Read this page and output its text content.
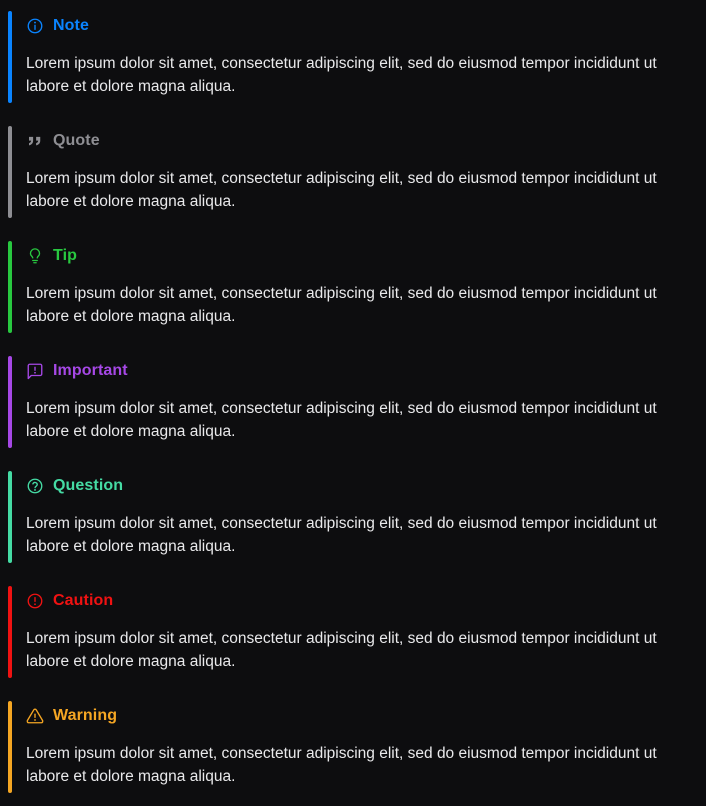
Note

Lorem ipsum dolor sit amet, consectetur adipiscing elit, sed do eiusmod tempor incididunt ut labore et dolore magna aliqua.

Quote

Lorem ipsum dolor sit amet, consectetur adipiscing elit, sed do eiusmod tempor incididunt ut labore et dolore magna aliqua.

Tip

Lorem ipsum dolor sit amet, consectetur adipiscing elit, sed do eiusmod tempor incididunt ut labore et dolore magna aliqua.

Important

Lorem ipsum dolor sit amet, consectetur adipiscing elit, sed do eiusmod tempor incididunt ut labore et dolore magna aliqua.

Question

Lorem ipsum dolor sit amet, consectetur adipiscing elit, sed do eiusmod tempor incididunt ut labore et dolore magna aliqua.

Caution

Lorem ipsum dolor sit amet, consectetur adipiscing elit, sed do eiusmod tempor incididunt ut labore et dolore magna aliqua.

Warning

Lorem ipsum dolor sit amet, consectetur adipiscing elit, sed do eiusmod tempor incididunt ut labore et dolore magna aliqua.
